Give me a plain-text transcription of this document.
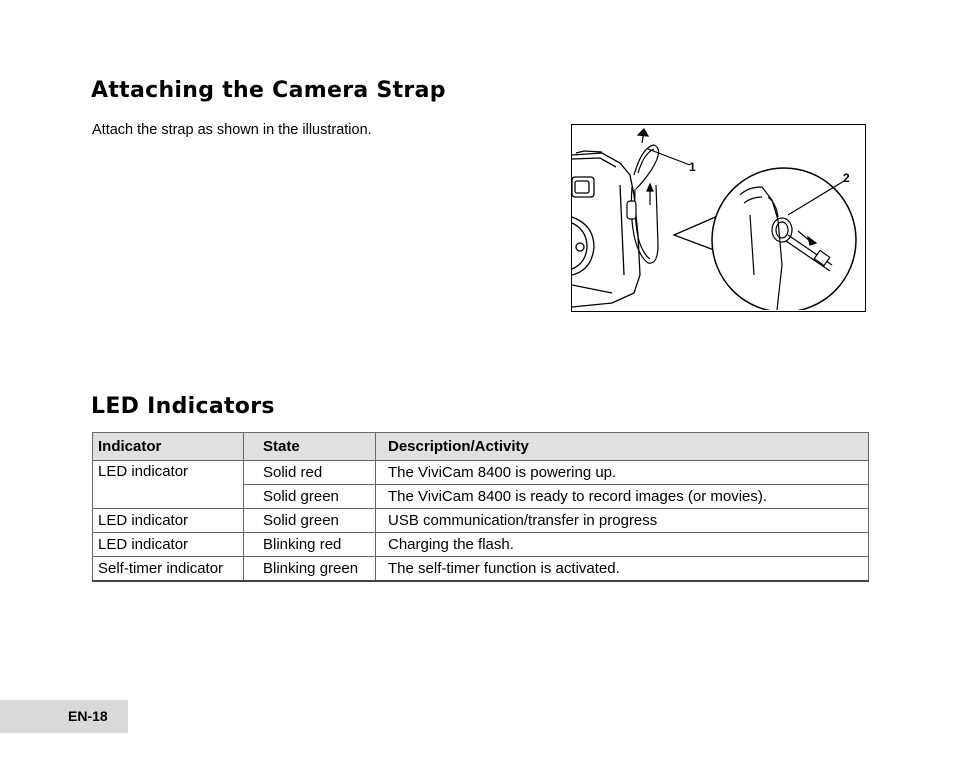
Attaching the Camera Strap

Attach the strap as shown in the illustration.

1
2
LED Indicators
Indicator	State	Description/Activity
LED indicator	Solid red	The ViviCam 8400 is powering up.
	Solid green	The ViviCam 8400 is ready to record images (or movies).
LED indicator	Solid green	USB communication/transfer in progress
LED indicator	Blinking red	Charging the flash.
Self-timer indicator	Blinking green	The self-timer function is activated.
EN-18
